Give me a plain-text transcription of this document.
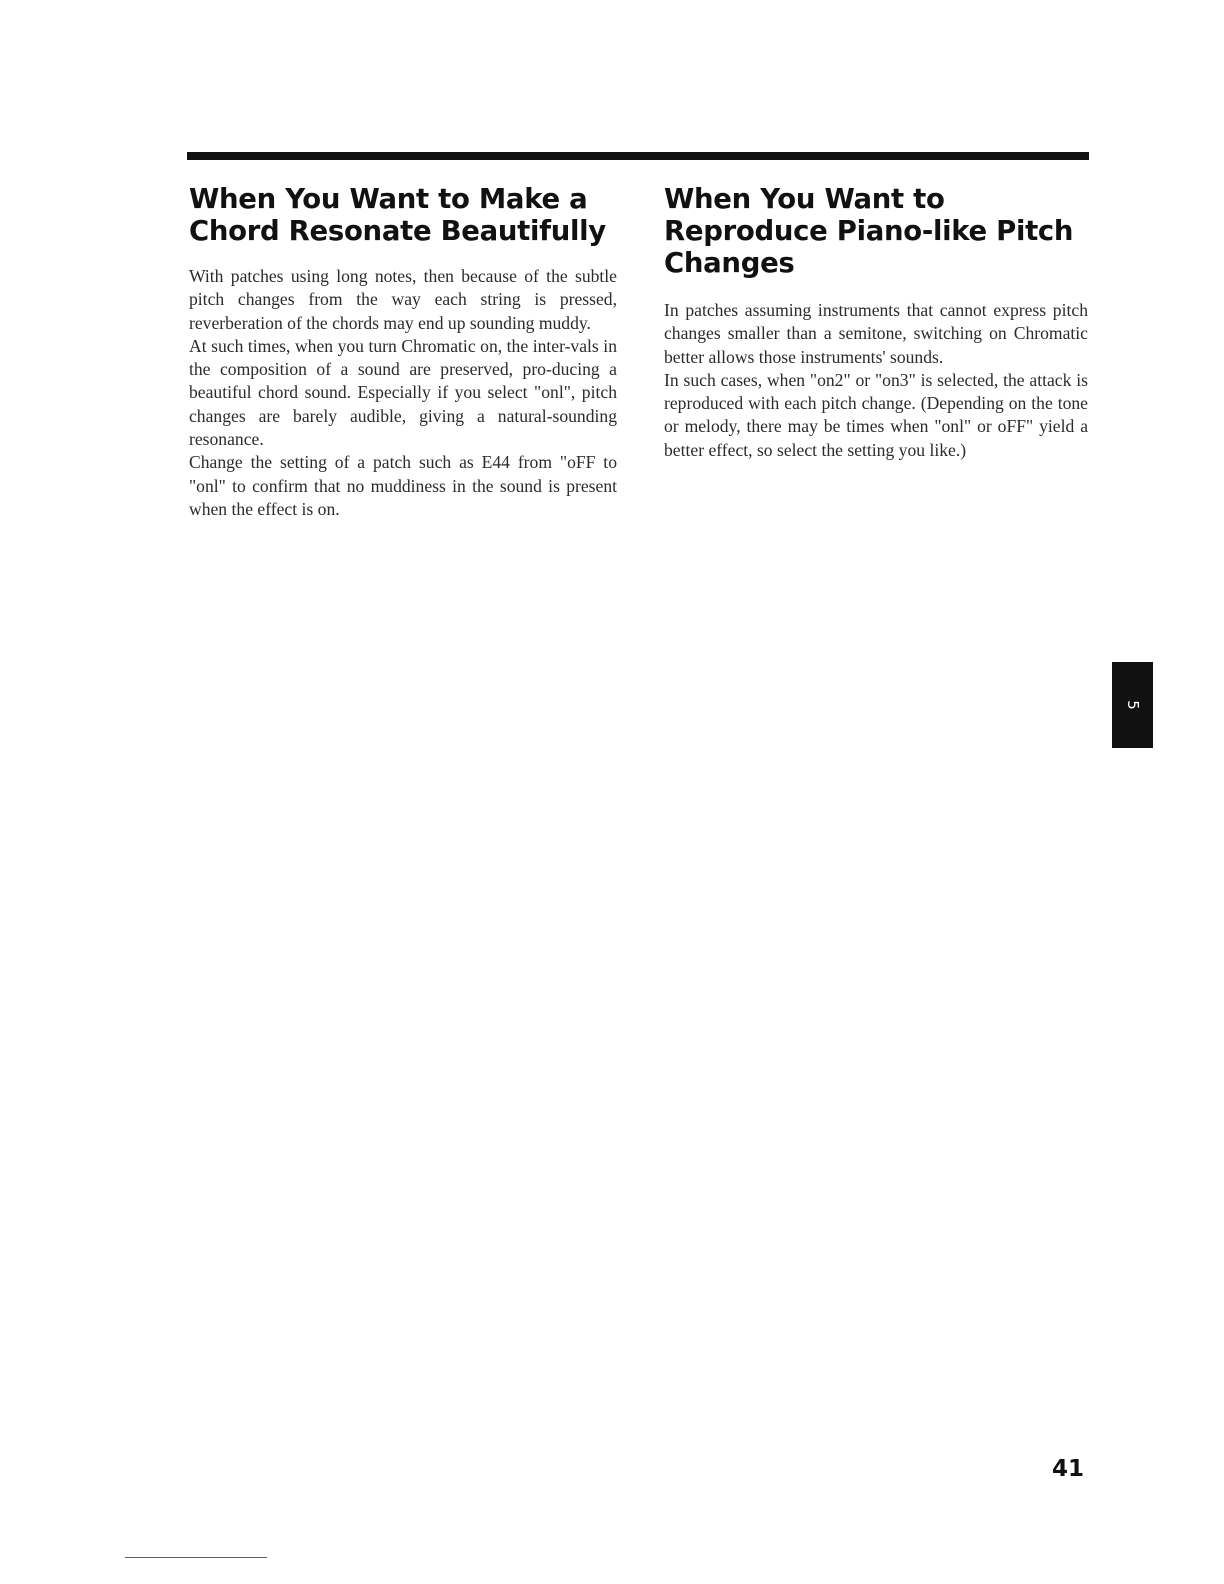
When You Want to Make a
Chord Resonate Beautifully

With patches using long notes, then because of the subtle pitch changes from the way each string is pressed, reverberation of the chords may end up sounding muddy.

At such times, when you turn Chromatic on, the inter-vals in the composition of a sound are preserved, pro-ducing a beautiful chord sound. Especially if you select "onl", pitch changes are barely audible, giving a natural-sounding resonance.

Change the setting of a patch such as E44 from "oFF to "onl" to confirm that no muddiness in the sound is present when the effect is on.

When You Want to
Reproduce Piano-like Pitch
Changes

In patches assuming instruments that cannot express pitch changes smaller than a semitone, switching on Chromatic better allows those instruments' sounds.

In such cases, when "on2" or "on3" is selected, the attack is reproduced with each pitch change. (Depending on the tone or melody, there may be times when "onl" or oFF" yield a better effect, so select the setting you like.)

5
41
